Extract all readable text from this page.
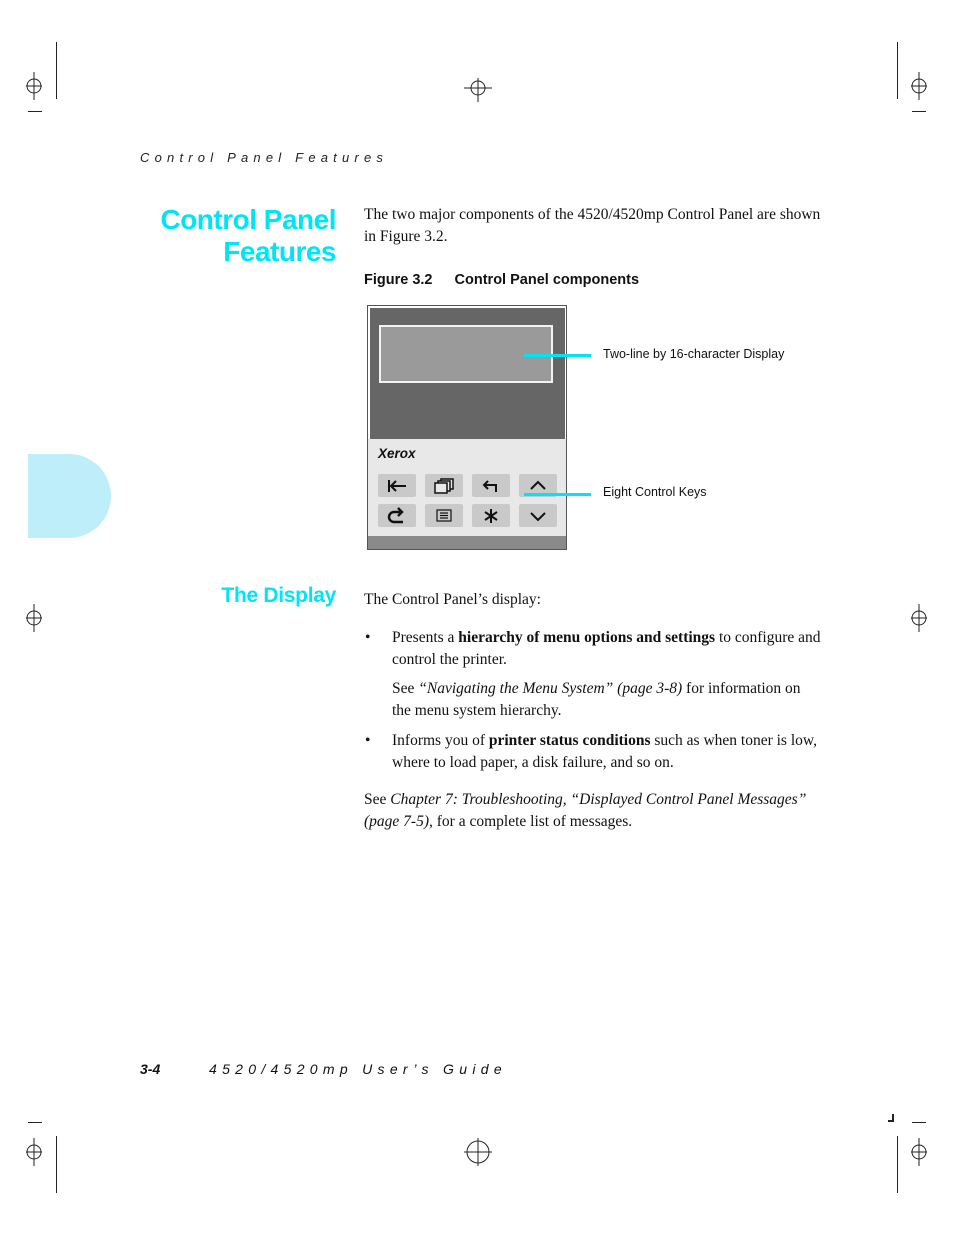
Control Panel Features
Control Panel
Features
The two major components of the 4520/4520mp Control Panel are shown in Figure 3.2.
Figure 3.2 Control Panel components
Xerox
Two-line by 16-character Display
Eight Control Keys
The Display The Control Panel’s display:
• Presents a hierarchy of menu options and settings to configure and control the printer.
See “Navigating the Menu System” (page 3-8) for information on the menu system hierarchy.
• Informs you of printer status conditions such as when toner is low, where to load paper, a disk failure, and so on.
See Chapter 7: Troubleshooting, “Displayed Control Panel Messages” (page 7-5), for a complete list of messages.
3-4	4520/4520mp User’s Guide
